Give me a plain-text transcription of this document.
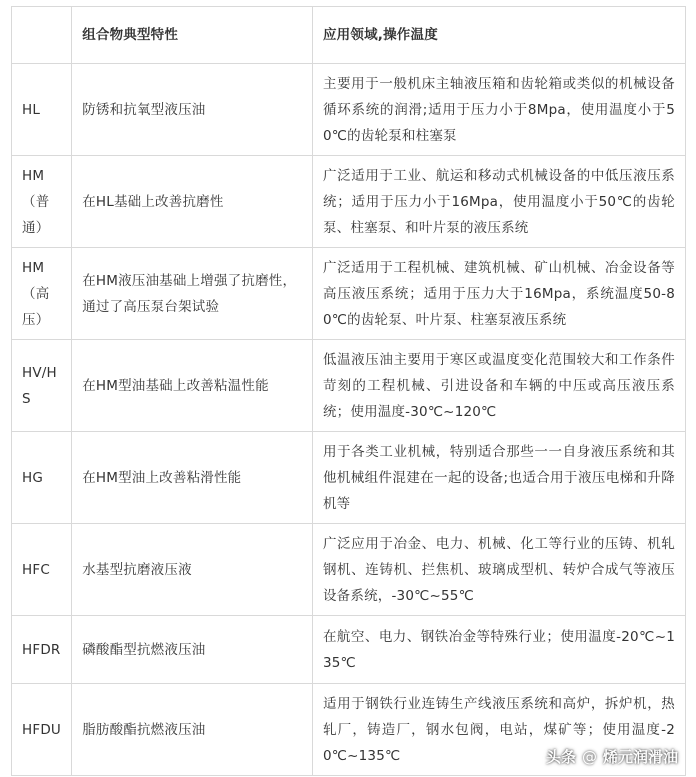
	组合物典型特性	应用领域,操作温度
HL	防锈和抗氧型液压油	主要用于一般机床主轴液压箱和齿轮箱或类似的机械设备循环系统的润滑;适用于压力小于8Mpa，使用温度小于50℃的齿轮泵和柱塞泵
HM（普通）	在HL基础上改善抗磨性	广泛适用于工业、航运和移动式机械设备的中低压液压系统；适用于压力小于16Mpa，使用温度小于50℃的齿轮泵、柱塞泵、和叶片泵的液压系统
HM（高压）	在HM液压油基础上增强了抗磨性，通过了高压泵台架试验	广泛适用于工程机械、建筑机械、矿山机械、冶金设备等高压液压系统；适用于压力大于16Mpa，系统温度50-80℃的齿轮泵、叶片泵、柱塞泵液压系统
HV/HS	在HM型油基础上改善粘温性能	低温液压油主要用于寒区或温度变化范围较大和工作条件苛刻的工程机械、引进设备和车辆的中压或高压液压系统；使用温度-30℃~120℃
HG	在HM型油上改善粘滑性能	用于各类工业机械，特别适合那些一一自身液压系统和其他机械组件混建在一起的设备;也适合用于液压电梯和升降机等
HFC	水基型抗磨液压液	广泛应用于冶金、电力、机械、化工等行业的压铸、机轧钢机、连铸机、拦焦机、玻璃成型机、转炉合成气等液压设备系统，-30℃~55℃
HFDR	磷酸酯型抗燃液压油	在航空、电力、钢铁冶金等特殊行业；使用温度-20℃~135℃
HFDU	脂肪酸酯抗燃液压油	适用于钢铁行业连铸生产线液压系统和高炉，拆炉机，热轧厂，铸造厂，钢水包阀，电站，煤矿等；使用温度-20℃~135℃	头条 @ 烯元润滑油
